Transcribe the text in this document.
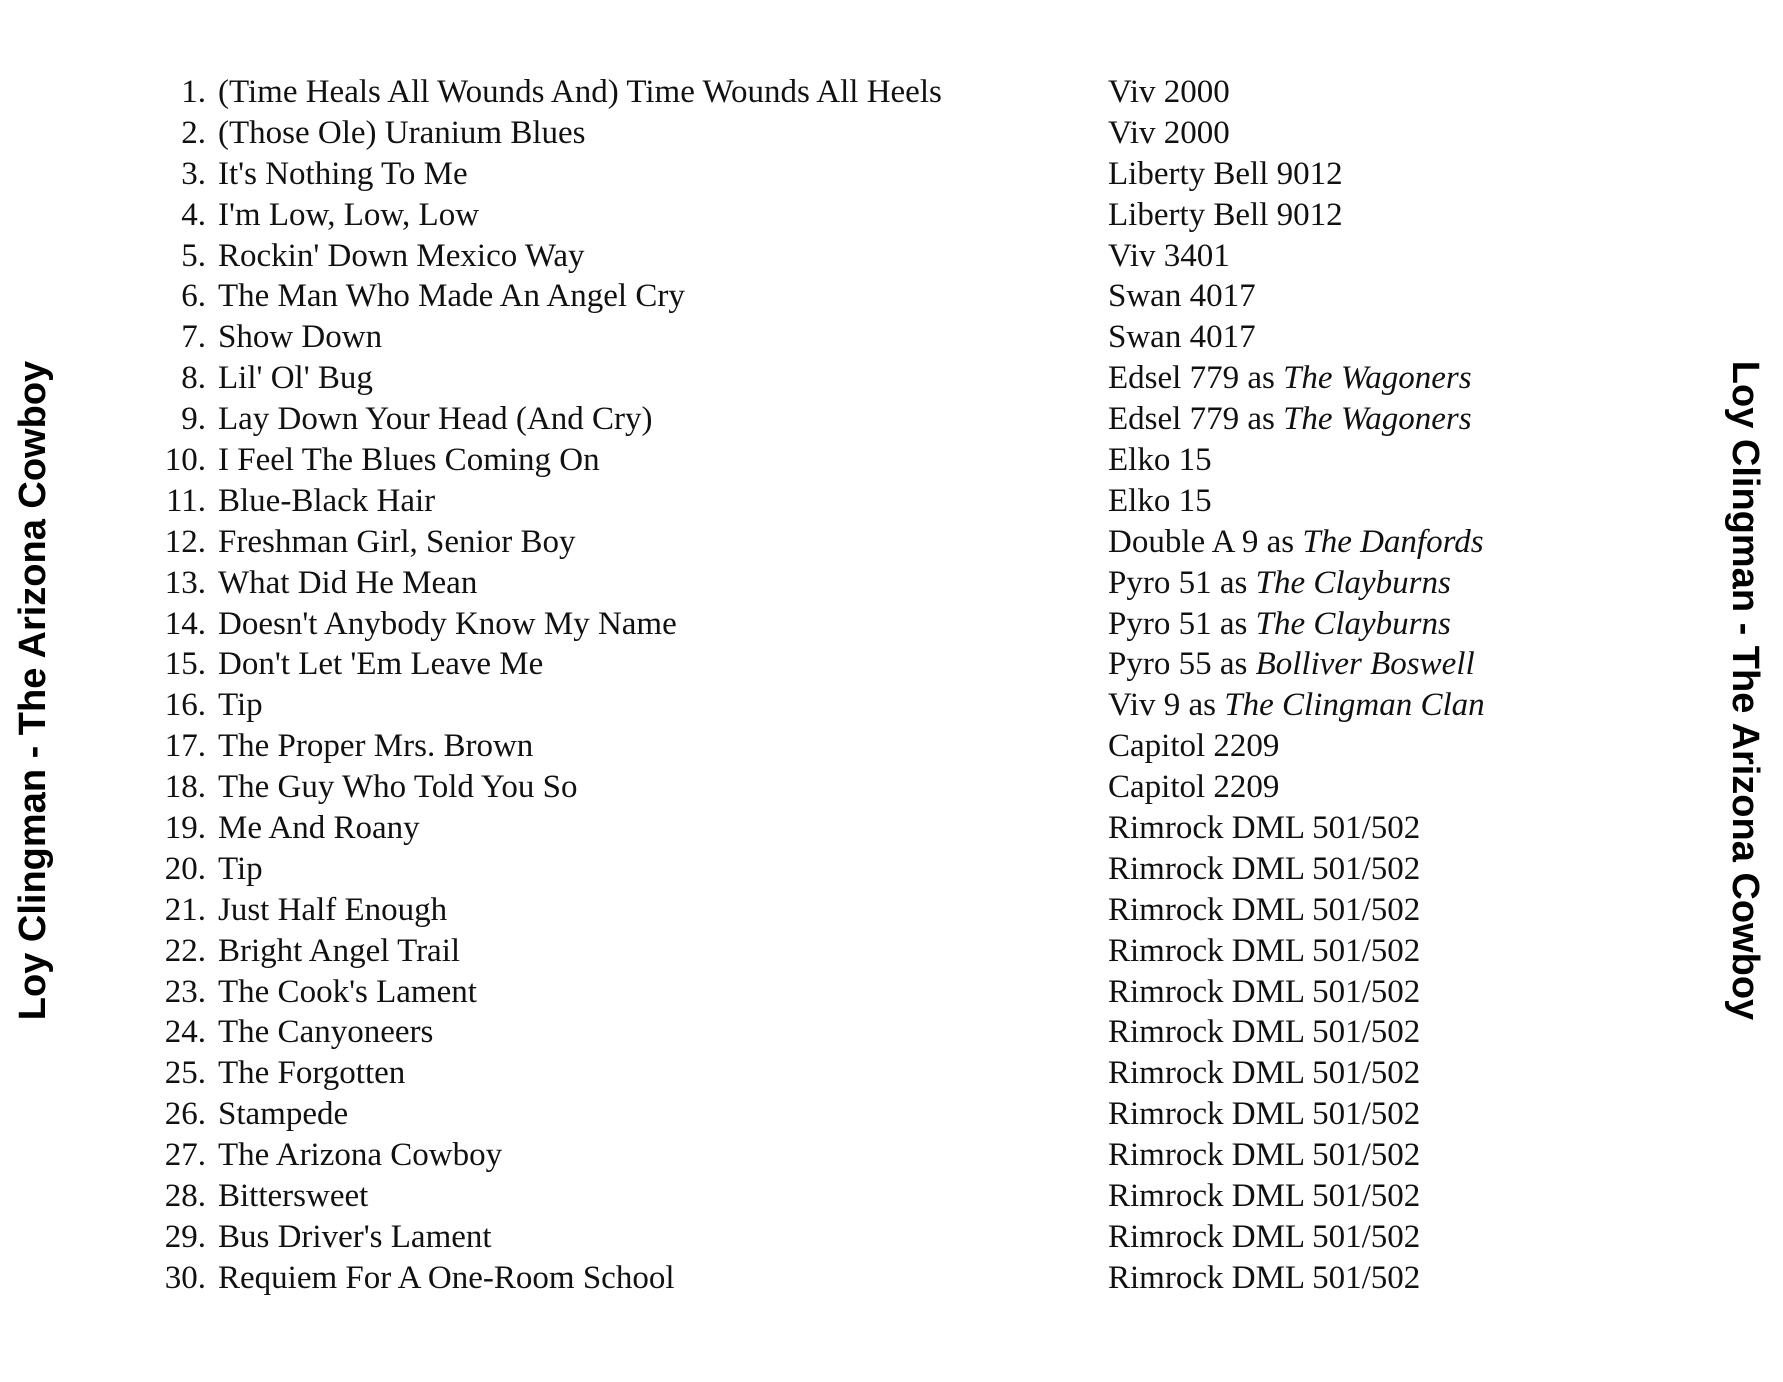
Loy Clingman - The Arizona Cowboy	Loy Clingman - The Arizona Cowboy
1. (Time Heals All Wounds And) Time Wounds All Heels	Viv 2000
2. (Those Ole) Uranium Blues	Viv 2000
3. It's Nothing To Me	Liberty Bell 9012
4. I'm Low, Low, Low	Liberty Bell 9012
5. Rockin' Down Mexico Way	Viv 3401
6. The Man Who Made An Angel Cry	Swan 4017
7. Show Down	Swan 4017
8. Lil' Ol' Bug	Edsel 779 as The Wagoners
9. Lay Down Your Head (And Cry)	Edsel 779 as The Wagoners
10. I Feel The Blues Coming On	Elko 15
11. Blue-Black Hair	Elko 15
12. Freshman Girl, Senior Boy	Double A 9 as The Danfords
13. What Did He Mean	Pyro 51 as The Clayburns
14. Doesn't Anybody Know My Name	Pyro 51 as The Clayburns
15. Don't Let 'Em Leave Me	Pyro 55 as Bolliver Boswell
16. Tip	Viv 9 as The Clingman Clan
17. The Proper Mrs. Brown	Capitol 2209
18. The Guy Who Told You So	Capitol 2209
19. Me And Roany	Rimrock DML 501/502
20. Tip	Rimrock DML 501/502
21. Just Half Enough	Rimrock DML 501/502
22. Bright Angel Trail	Rimrock DML 501/502
23. The Cook's Lament	Rimrock DML 501/502
24. The Canyoneers	Rimrock DML 501/502
25. The Forgotten	Rimrock DML 501/502
26. Stampede	Rimrock DML 501/502
27. The Arizona Cowboy	Rimrock DML 501/502
28. Bittersweet	Rimrock DML 501/502
29. Bus Driver's Lament	Rimrock DML 501/502
30. Requiem For A One-Room School	Rimrock DML 501/502
